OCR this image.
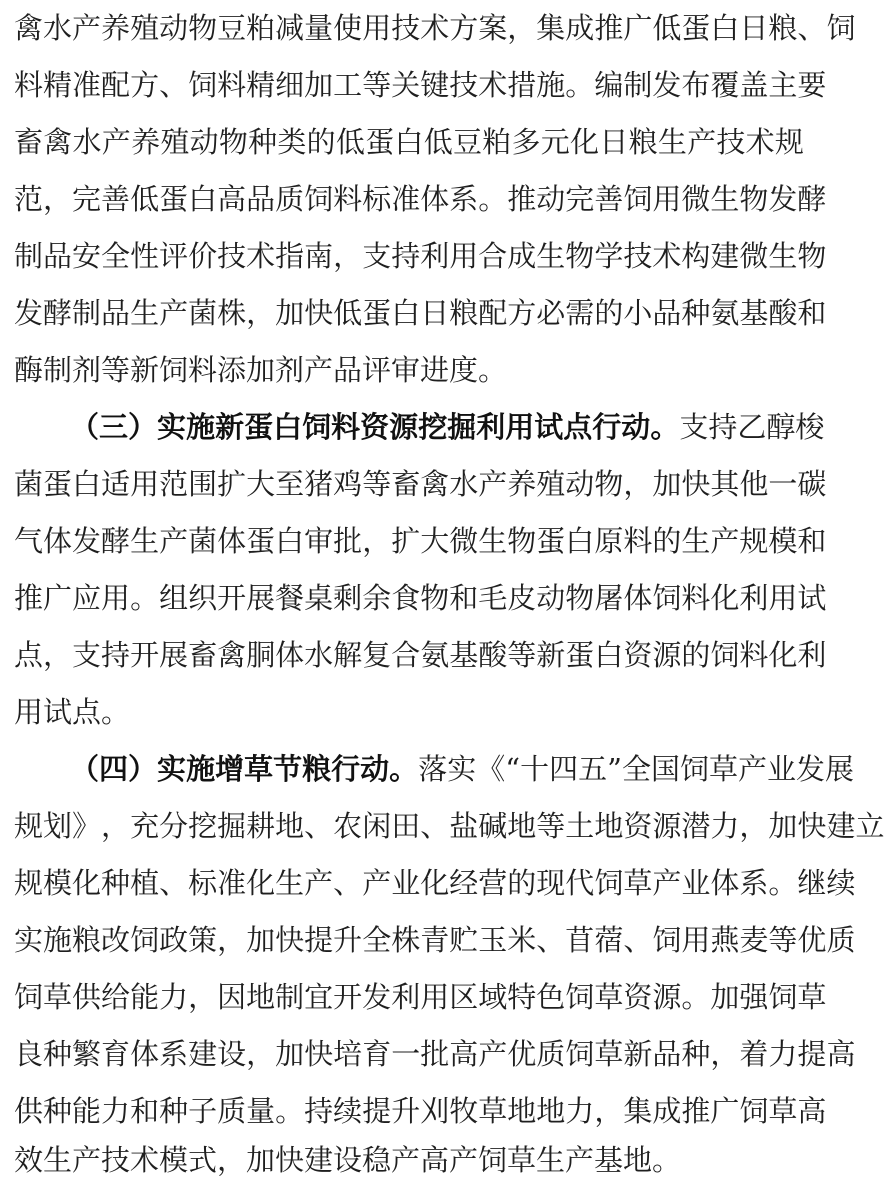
禽 水 产 养 殖 动 物 豆 粕 减 量 使 用 技 术 方 案 ， 集 成 推 广 低 蛋 白 日 粮 、 饲
料 精 准 配 方 、 饲 料 精 细 加 工 等 关 键 技 术 措 施 。 编 制 发 布 覆 盖 主 要
畜 禽 水 产 养 殖 动 物 种 类 的 低 蛋 白 低 豆 粕 多 元 化 日 粮 生 产 技 术 规
范 ， 完 善 低 蛋 白 高 品 质 饲 料 标 准 体 系 。 推 动 完 善 饲 用 微 生 物 发 酵
制 品 安 全 性 评 价 技 术 指 南 ， 支 持 利 用 合 成 生 物 学 技 术 构 建 微 生 物
发 酵 制 品 生 产 菌 株 ， 加 快 低 蛋 白 日 粮 配 方 必 需 的 小 品 种 氨 基 酸 和
酶制剂等新饲料添加剂产品评审进度。
（ 三 ） 实 施 新 蛋 白 饲 料 资 源 挖 掘 利 用 试 点 行 动 。 支 持 乙 醇 梭
菌 蛋 白 适 用 范 围 扩 大 至 猪 鸡 等 畜 禽 水 产 养 殖 动 物 ， 加 快 其 他 一 碳
气 体 发 酵 生 产 菌 体 蛋 白 审 批 ， 扩 大 微 生 物 蛋 白 原 料 的 生 产 规 模 和
推 广 应 用 。 组 织 开 展 餐 桌 剩 余 食 物 和 毛 皮 动 物 屠 体 饲 料 化 利 用 试
点 ， 支 持 开 展 畜 禽 胴 体 水 解 复 合 氨 基 酸 等 新 蛋 白 资 源 的 饲 料 化 利
用试点。
（ 四 ） 实 施 增 草 节 粮 行 动 。 落 实 《 “ 十 四 五 ” 全 国 饲 草 产 业 发 展
规 划 》 ， 充 分 挖 掘 耕 地 、 农 闲 田 、 盐 碱 地 等 土 地 资 源 潜 力 ， 加 快 建 立
规 模 化 种 植 、 标 准 化 生 产 、 产 业 化 经 营 的 现 代 饲 草 产 业 体 系 。 继 续
实 施 粮 改 饲 政 策 ， 加 快 提 升 全 株 青 贮 玉 米 、 苜 蓿 、 饲 用 燕 麦 等 优 质
饲 草 供 给 能 力 ， 因 地 制 宜 开 发 利 用 区 域 特 色 饲 草 资 源 。 加 强 饲 草
良 种 繁 育 体 系 建 设 ， 加 快 培 育 一 批 高 产 优 质 饲 草 新 品 种 ， 着 力 提 高
供 种 能 力 和 种 子 质 量 。 持 续 提 升 刈 牧 草 地 地 力 ， 集 成 推 广 饲 草 高
效生产技术模式，加快建设稳产高产饲草生产基地。
